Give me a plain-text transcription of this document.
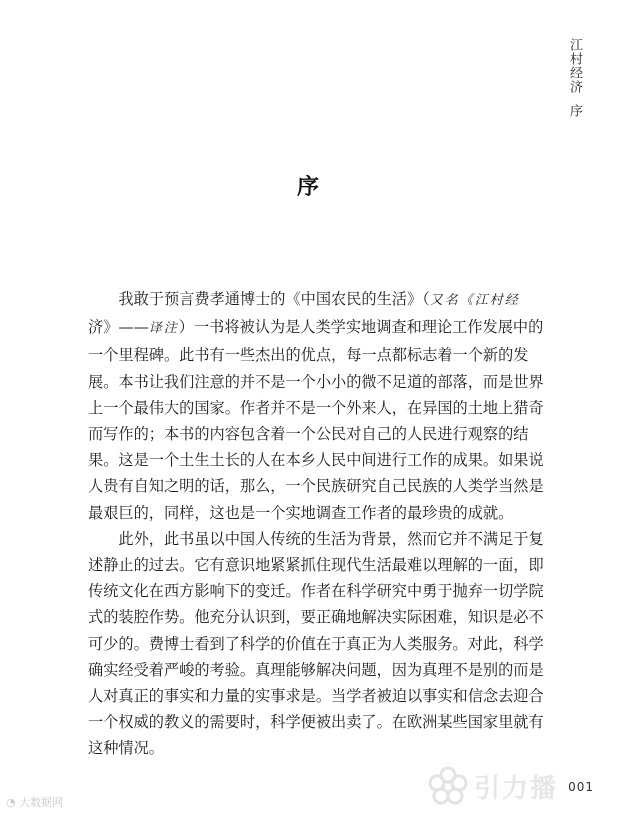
江村经济序
序
我敢于预言费孝通博士的《中国农民的生活》（又名《江村经
济》——译注）一书将被认为是人类学实地调查和理论工作发展中的
一个里程碑。此书有一些杰出的优点，每一点都标志着一个新的发
展。本书让我们注意的并不是一个小小的微不足道的部落，而是世界
上一个最伟大的国家。作者并不是一个外来人，在异国的土地上猎奇
而写作的；本书的内容包含着一个公民对自己的人民进行观察的结
果。这是一个土生土长的人在本乡人民中间进行工作的成果。如果说
人贵有自知之明的话，那么，一个民族研究自己民族的人类学当然是
最艰巨的，同样，这也是一个实地调查工作者的最珍贵的成就。
此外，此书虽以中国人传统的生活为背景，然而它并不满足于复
述静止的过去。它有意识地紧紧抓住现代生活最难以理解的一面，即
传统文化在西方影响下的变迁。作者在科学研究中勇于抛弃一切学院
式的装腔作势。他充分认识到，要正确地解决实际困难，知识是必不
可少的。费博士看到了科学的价值在于真正为人类服务。对此，科学
确实经受着严峻的考验。真理能够解决问题，因为真理不是别的而是
人对真正的事实和力量的实事求是。当学者被迫以事实和信念去迎合
一个权威的教义的需要时，科学便被出卖了。在欧洲某些国家里就有
这种情况。
001
◔ 大数据网	引力播
